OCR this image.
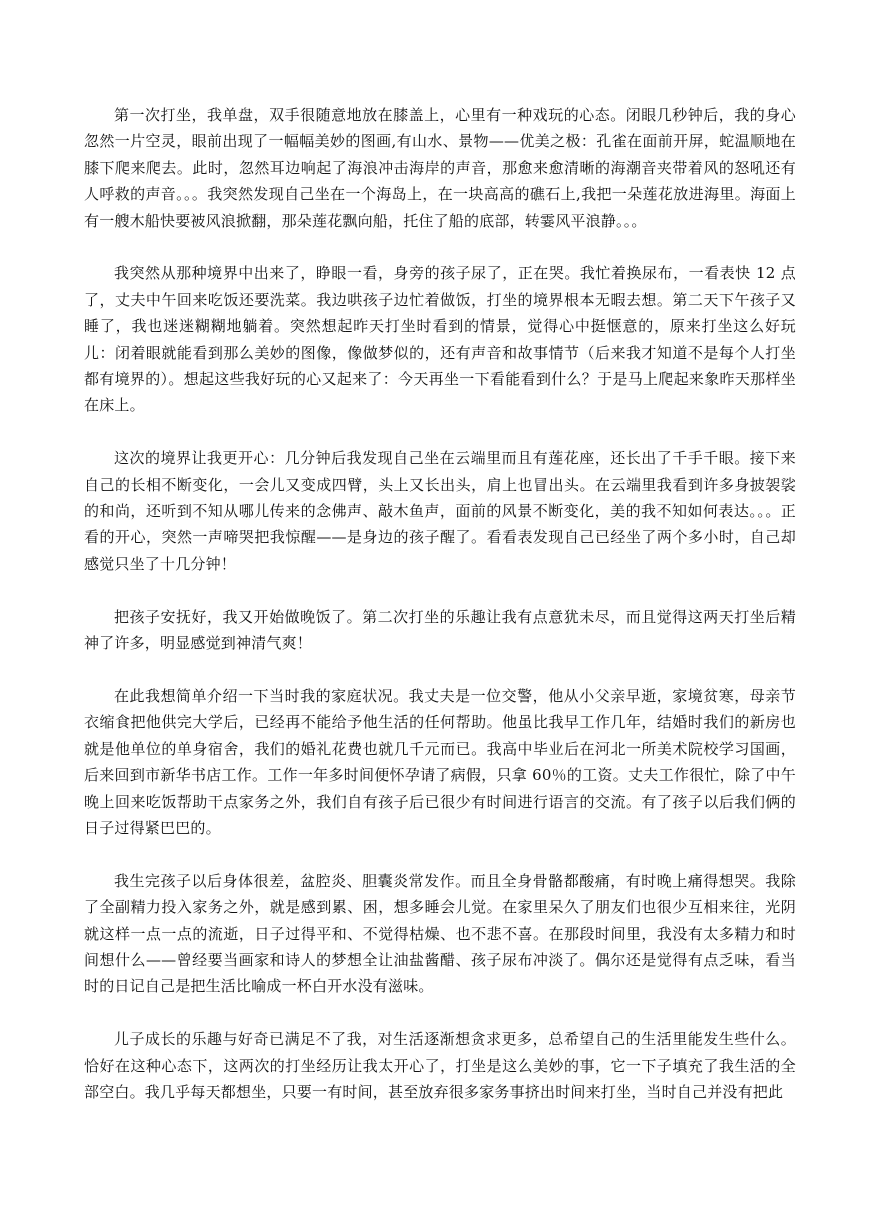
第一次打坐，我单盘，双手很随意地放在膝盖上，心里有一种戏玩的心态。闭眼几秒钟后，我的身心忽然一片空灵，眼前出现了一幅幅美妙的图画,有山水、景物——优美之极：孔雀在面前开屏，蛇温顺地在膝下爬来爬去。此时，忽然耳边响起了海浪冲击海岸的声音，那愈来愈清晰的海潮音夹带着风的怒吼还有人呼救的声音。。。我突然发现自己坐在一个海岛上，在一块高高的礁石上,我把一朵莲花放进海里。海面上有一艘木船快要被风浪掀翻，那朵莲花飘向船，托住了船的底部，转霎风平浪静。。。

我突然从那种境界中出来了，睁眼一看，身旁的孩子尿了，正在哭。我忙着换尿布，一看表快 12 点了，丈夫中午回来吃饭还要洗菜。我边哄孩子边忙着做饭，打坐的境界根本无暇去想。第二天下午孩子又睡了，我也迷迷糊糊地躺着。突然想起昨天打坐时看到的情景，觉得心中挺惬意的，原来打坐这么好玩儿：闭着眼就能看到那么美妙的图像，像做梦似的，还有声音和故事情节（后来我才知道不是每个人打坐都有境界的）。想起这些我好玩的心又起来了：今天再坐一下看能看到什么？于是马上爬起来象昨天那样坐在床上。

这次的境界让我更开心：几分钟后我发现自己坐在云端里而且有莲花座，还长出了千手千眼。接下来自己的长相不断变化，一会儿又变成四臂，头上又长出头，肩上也冒出头。在云端里我看到许多身披袈裟的和尚，还听到不知从哪儿传来的念佛声、敲木鱼声，面前的风景不断变化，美的我不知如何表达。。。正看的开心，突然一声啼哭把我惊醒——是身边的孩子醒了。看看表发现自己已经坐了两个多小时，自己却感觉只坐了十几分钟！

把孩子安抚好，我又开始做晚饭了。第二次打坐的乐趣让我有点意犹未尽，而且觉得这两天打坐后精神了许多，明显感觉到神清气爽！

在此我想简单介绍一下当时我的家庭状况。我丈夫是一位交警，他从小父亲早逝，家境贫寒，母亲节衣缩食把他供完大学后，已经再不能给予他生活的任何帮助。他虽比我早工作几年，结婚时我们的新房也就是他单位的单身宿舍，我们的婚礼花费也就几千元而已。我高中毕业后在河北一所美术院校学习国画，后来回到市新华书店工作。工作一年多时间便怀孕请了病假，只拿 60％的工资。丈夫工作很忙，除了中午晚上回来吃饭帮助干点家务之外，我们自有孩子后已很少有时间进行语言的交流。有了孩子以后我们俩的日子过得紧巴巴的。

我生完孩子以后身体很差，盆腔炎、胆囊炎常发作。而且全身骨骼都酸痛，有时晚上痛得想哭。我除了全副精力投入家务之外，就是感到累、困，想多睡会儿觉。在家里呆久了朋友们也很少互相来往，光阴就这样一点一点的流逝，日子过得平和、不觉得枯燥、也不悲不喜。在那段时间里，我没有太多精力和时间想什么——曾经要当画家和诗人的梦想全让油盐酱醋、孩子尿布冲淡了。偶尔还是觉得有点乏味，看当时的日记自己是把生活比喻成一杯白开水没有滋味。

儿子成长的乐趣与好奇已满足不了我，对生活逐渐想贪求更多，总希望自己的生活里能发生些什么。恰好在这种心态下，这两次的打坐经历让我太开心了，打坐是这么美妙的事，它一下子填充了我生活的全部空白。我几乎每天都想坐，只要一有时间，甚至放弃很多家务事挤出时间来打坐，当时自己并没有把此
